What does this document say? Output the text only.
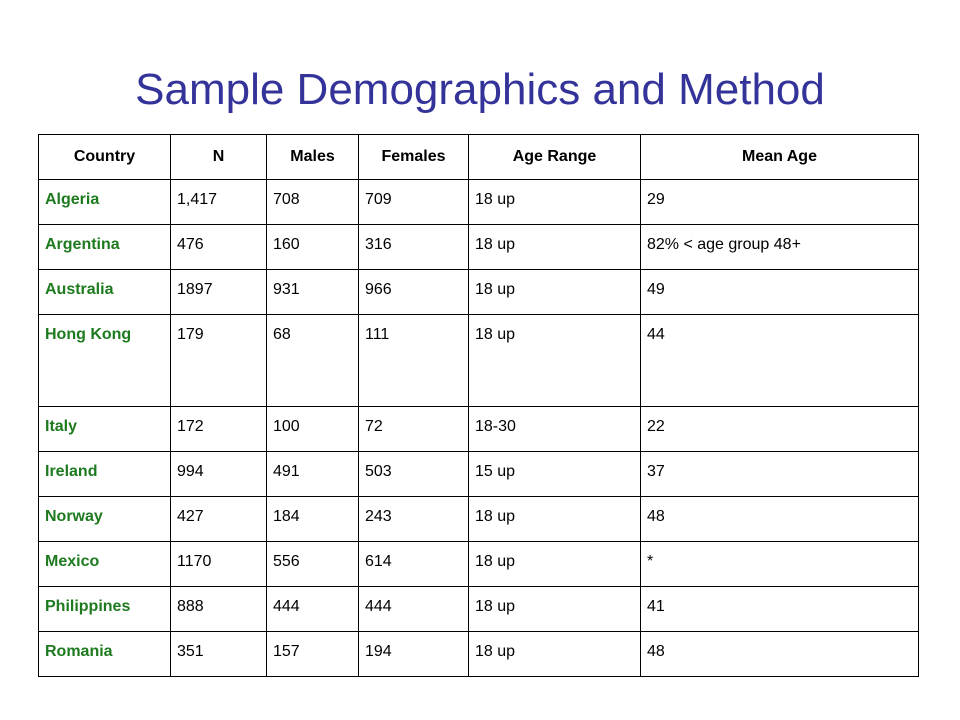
Sample Demographics and Method
Country	N	Males	Females	Age Range	Mean Age
Algeria	1,417	708	709	18 up	29
Argentina	476	160	316	18 up	82% < age group 48+
Australia	1897	931	966	18 up	49
Hong Kong	179	68	111	18 up	44
Italy	172	100	72	18-30	22
Ireland	994	491	503	15 up	37
Norway	427	184	243	18 up	48
Mexico	1170	556	614	18 up	*
Philippines	888	444	444	18 up	41
Romania	351	157	194	18 up	48
